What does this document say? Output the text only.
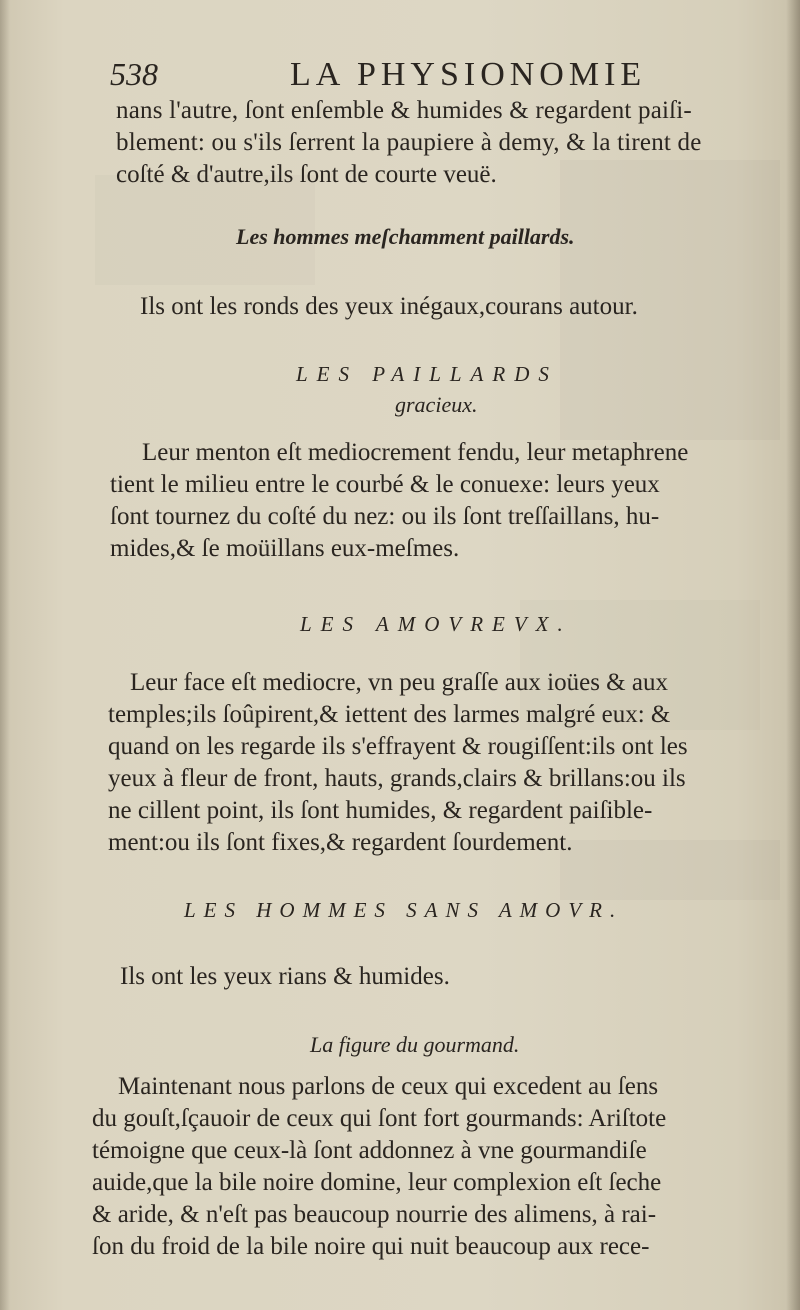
538	LA PHYSIONOMIE
nans l'autre, ſont enſemble & humides & regardent paiſi-
blement: ou s'ils ſerrent la paupiere à demy, & la tirent de
coſté & d'autre,ils ſont de courte veuë.
Les hommes meſchamment paillards.
Ils ont les ronds des yeux inégaux,courans autour.
LES PAILLARDS
gracieux.
Leur menton eſt mediocrement fendu, leur metaphrene
tient le milieu entre le courbé & le conuexe: leurs yeux
ſont tournez du coſté du nez: ou ils ſont treſſaillans, hu-
mides,& ſe moüillans eux-meſmes.
LES AMOVREVX.
Leur face eſt mediocre, vn peu graſſe aux ioües & aux
temples;ils ſoûpirent,& iettent des larmes malgré eux: &
quand on les regarde ils s'effrayent & rougiſſent:ils ont les
yeux à fleur de front, hauts, grands,clairs & brillans:ou ils
ne cillent point, ils ſont humides, & regardent paiſible-
ment:ou ils ſont fixes,& regardent ſourdement.
LES HOMMES SANS AMOVR.
Ils ont les yeux rians & humides.
La figure du gourmand.
Maintenant nous parlons de ceux qui excedent au ſens
du gouſt,ſçauoir de ceux qui ſont fort gourmands: Ariſtote
témoigne que ceux-là ſont addonnez à vne gourmandiſe
auide,que la bile noire domine, leur complexion eſt ſeche
& aride, & n'eſt pas beaucoup nourrie des alimens, à rai-
ſon du froid de la bile noire qui nuit beaucoup aux rece-
